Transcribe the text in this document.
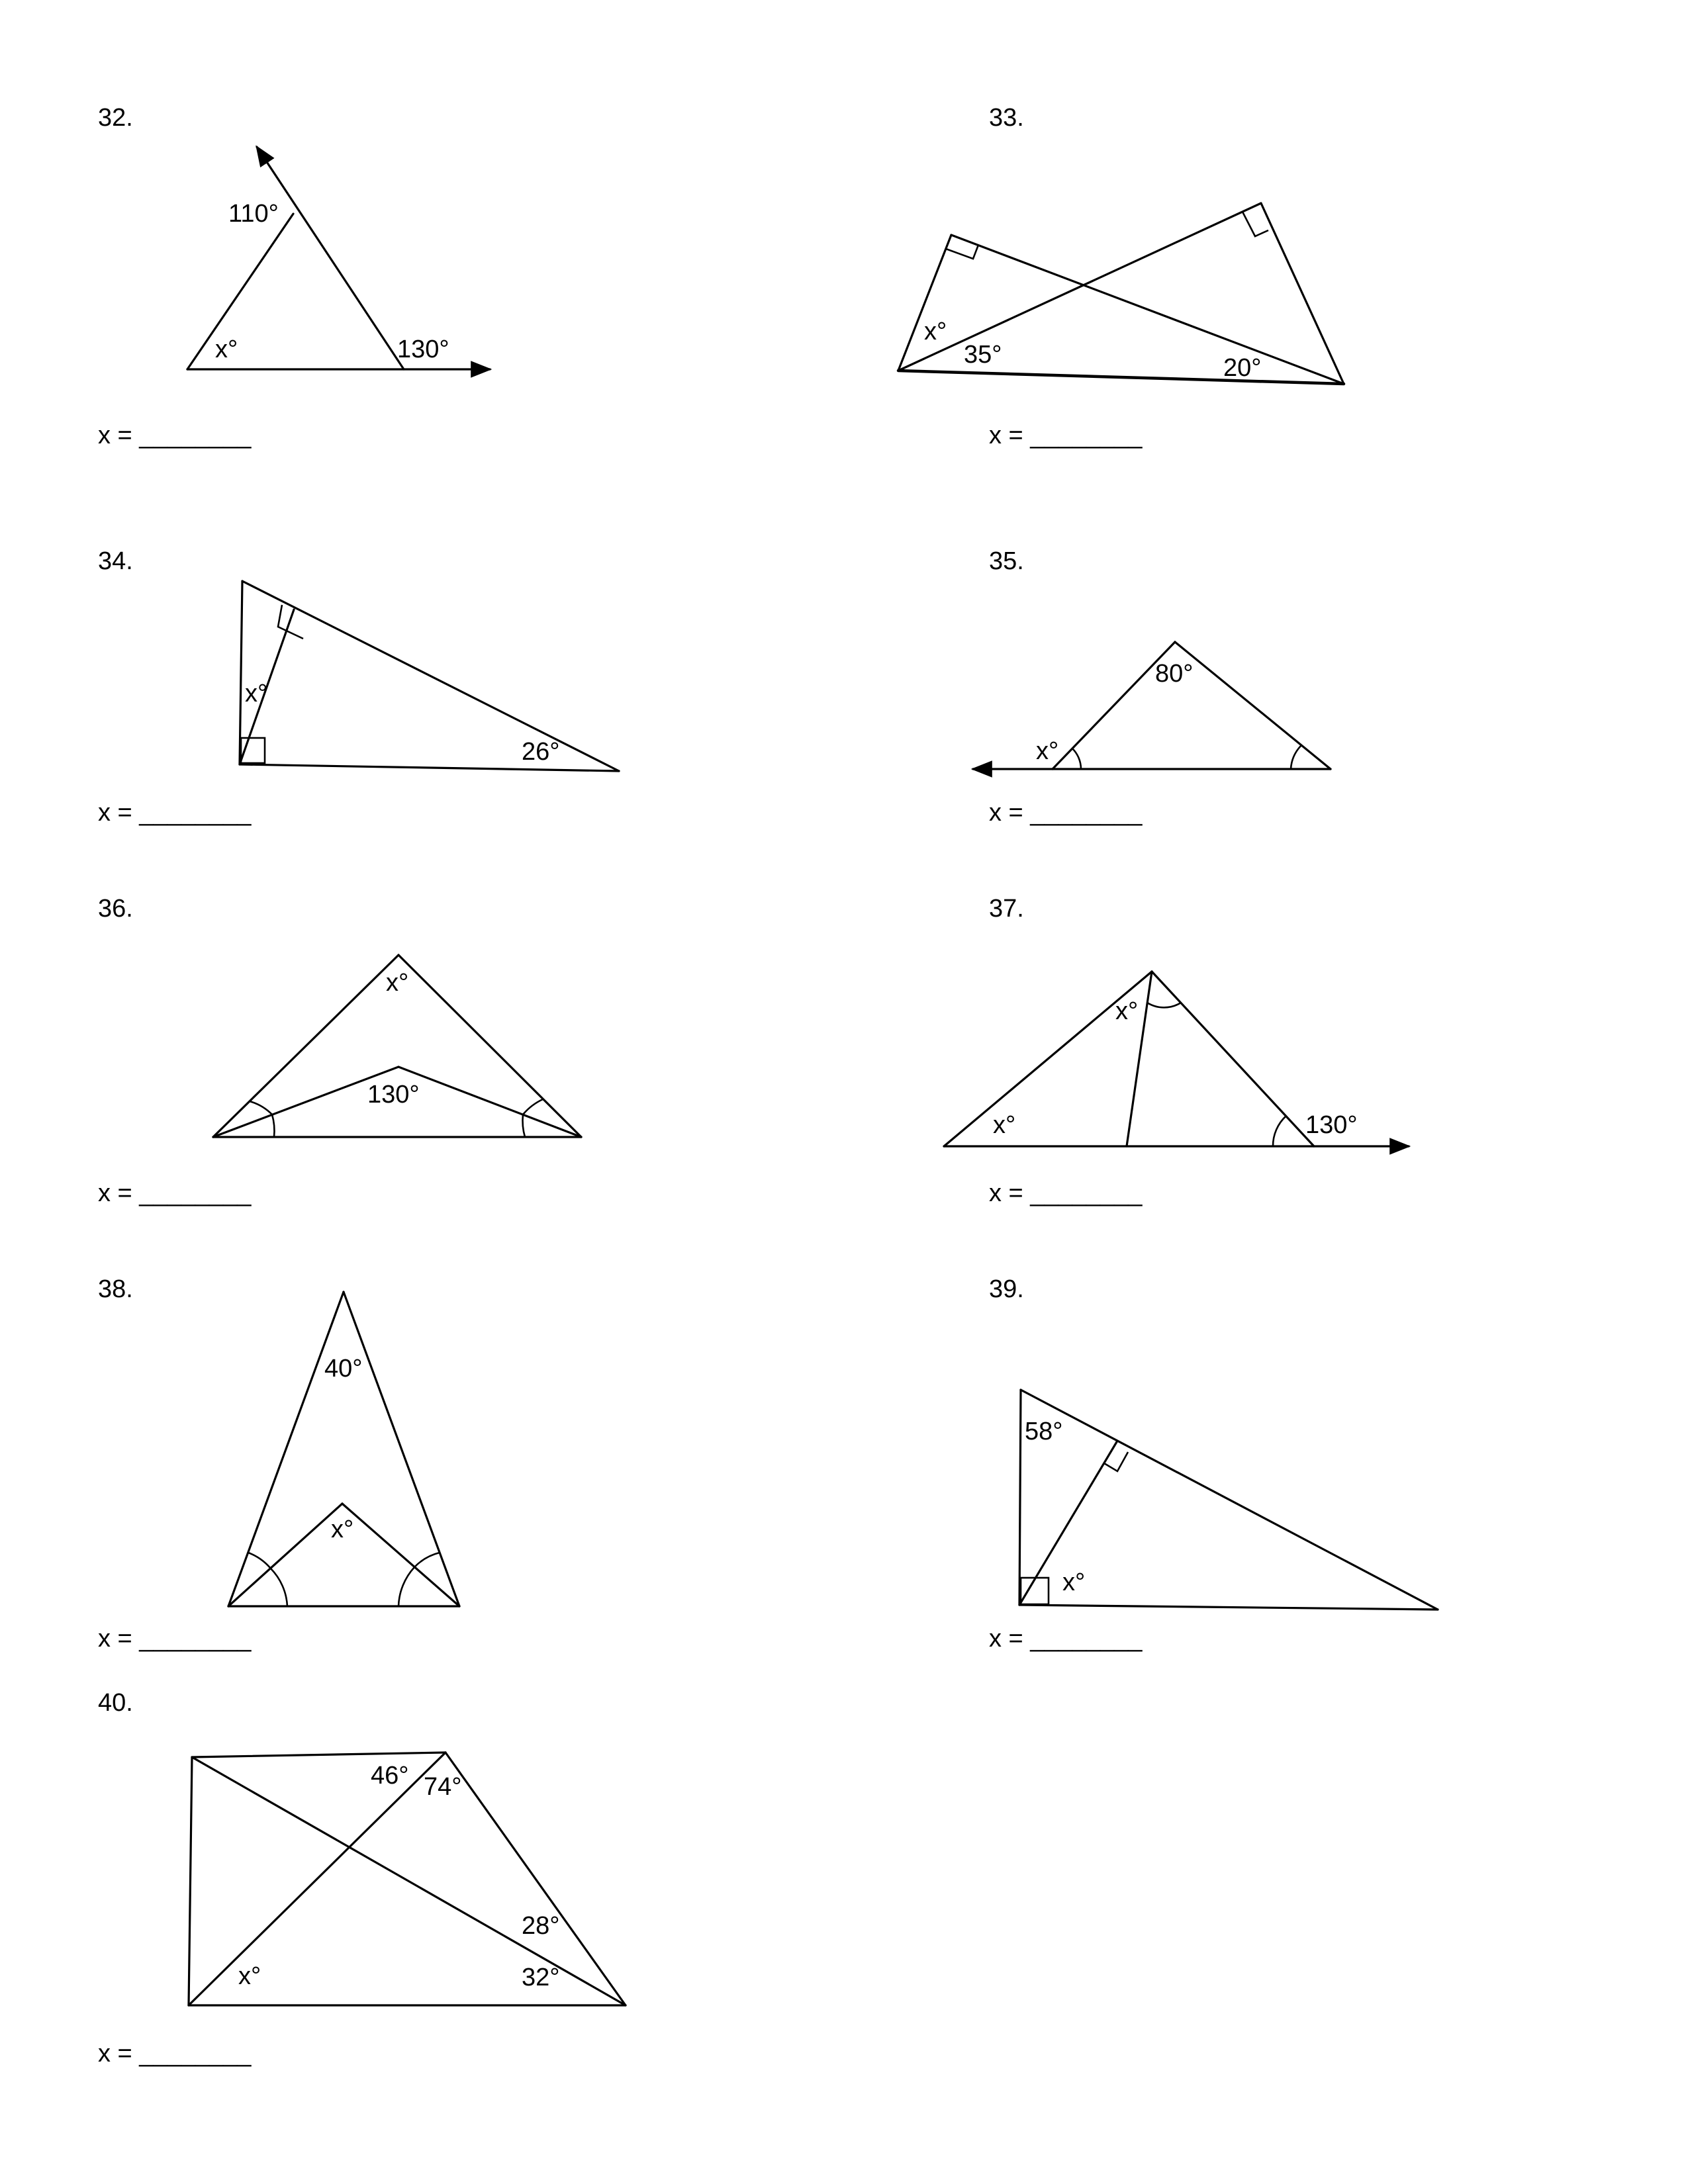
32.
110°
x°	130°
x = ________
33.
x°
35°	20°
x = ________
34.
x°
26°
x = ________
35.
80°
x°
x = ________
36.
x°
130°
x = ________
37.
x°
x°	130°
x = ________
38.
40°
x°
x = ________
39.
58°
x°
x = ________
40.
46° 74°
28°
32°
x°
x = ________
